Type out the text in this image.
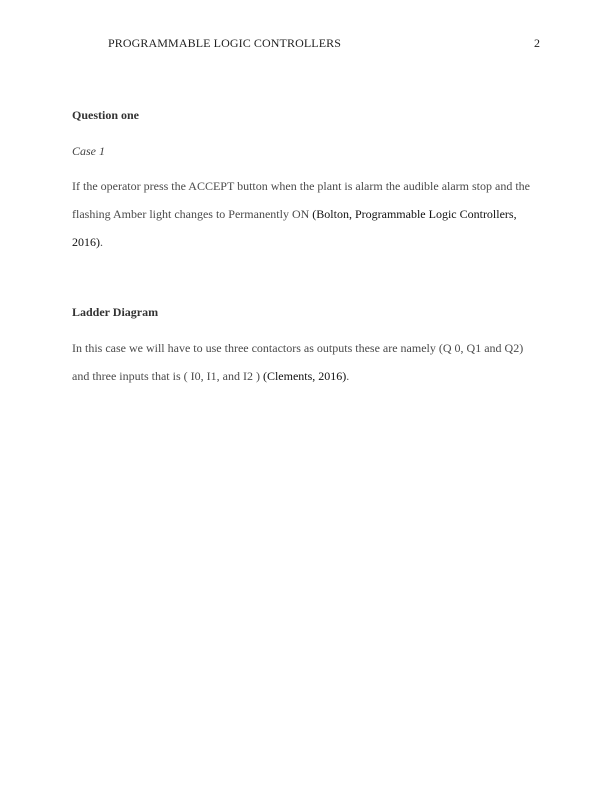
PROGRAMMABLE LOGIC CONTROLLERS	2
Question one
Case 1
If the operator press the ACCEPT button when the plant is alarm the audible alarm stop and the
flashing Amber light changes to Permanently ON (Bolton, Programmable Logic Controllers,
2016).
Ladder Diagram
In this case we will have to use three contactors as outputs these are namely (Q 0, Q1 and Q2)
and three inputs that is ( I0, I1, and I2 ) (Clements, 2016).
